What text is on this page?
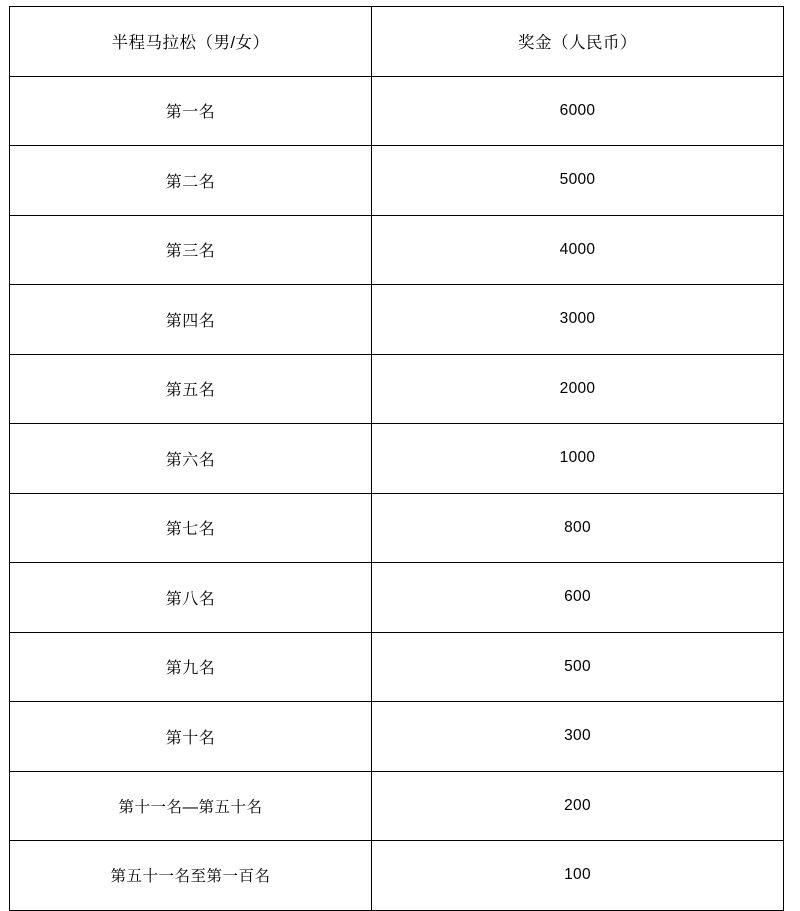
半程马拉松（男/女）	奖金（人民币）
第一名	6000
第二名	5000
第三名	4000
第四名	3000
第五名	2000
第六名	1000
第七名	800
第八名	600
第九名	500
第十名	300
第十一名—第五十名	200
第五十一名至第一百名	100
